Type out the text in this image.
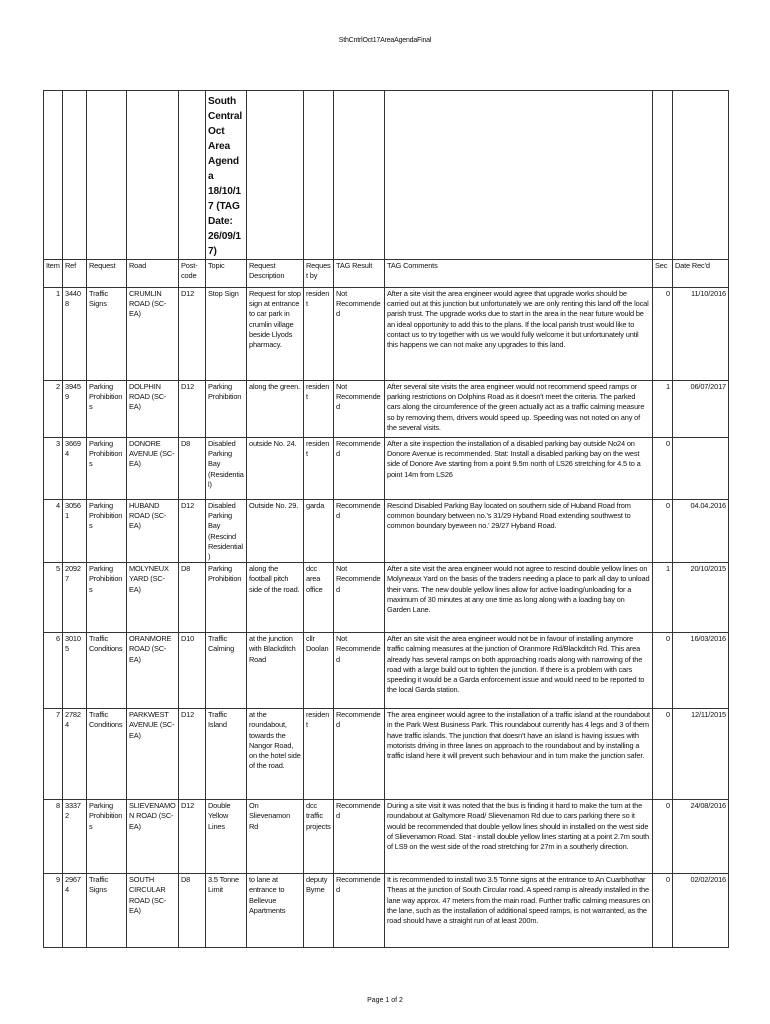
SthCntrlOct17AreaAgendaFinal
					South Central Oct Area Agenda 18/10/17 (TAG Date: 26/09/17)						
Item	Ref	Request	Road	Post-code	Topic	Request Description	Request by	TAG Result	TAG Comments	Sec	Date Rec'd
1	34408	Traffic Signs	CRUMLIN ROAD (SC-EA)	D12	Stop Sign	Request for stop sign at entrance to car park in crumlin village beside Llyods pharmacy.	resident	Not Recommended	After a site visit the area engineer would agree that upgrade works should be carried out at this junction but unfortunately we are only renting this land off the local parish trust. The upgrade works due to start in the area in the near future would be an ideal opportunity to add this to the plans. If the local parish trust would like to contact us to try together with us we would fully welcome it but unfortunately until this happens we can not make any upgrades to this land.	0	11/10/2016
2	39459	Parking Prohibitions	DOLPHIN ROAD (SC-EA)	D12	Parking Prohibition	along the green.	resident	Not Recommended	After several site visits the area engineer would not recommend speed ramps or parking restrictions on Dolphins Road as it doesn't meet the criteria. The parked cars along the circumference of the green actually act as a traffic calming measure so by removing them, drivers would speed up. Speeding was not noted on any of the several visits.	1	06/07/2017
3	36694	Parking Prohibitions	DONORE AVENUE (SC-EA)	D8	Disabled Parking Bay (Residential)	outside No. 24.	resident	Recommended	After a site inspection the installation of a disabled parking bay outside No24 on Donore Avenue is recommended. Stat: Install a disabled parking bay on the west side of Donore Ave starting from a point 9.5m north of LS26 stretching for 4.5 to a point 14m from LS26	0	
4	30561	Parking Prohibitions	HUBAND ROAD (SC-EA)	D12	Disabled Parking Bay (Rescind Residential)	Outside No. 29.	garda	Recommended	Rescind Disabled Parking Bay located on southern side of Huband Road from common boundary between no.'s 31/29 Hyband Road extending southwest to common boundary byeween no.' 29/27 Hyband Road.	0	04.04.2016
5	20927	Parking Prohibitions	MOLYNEUX YARD (SC-EA)	D8	Parking Prohibition	along the football pitch side of the road.	dcc area office	Not Recommended	After a site visit the area engineer would not agree to rescind double yellow lines on Molyneaux Yard on the basis of the traders needing a place to park all day to unload their vans. The new double yellow lines allow for active loading/unloading for a maximum of 30 minutes at any one time as long along with a loading bay on Garden Lane.	1	20/10/2015
6	30105	Traffic Conditions	ORANMORE ROAD (SC-EA)	D10	Traffic Calming	at the junction with Blackditch Road	cllr Doolan	Not Recommended	After an site visit the area engineer would not be in favour of installing anymore traffic calming measures at the junction of Oranmore Rd/Blackditch Rd. This area already has several ramps on both approaching roads along with narrowing of the road with a large build out to tighten the junction. If there is a problem with cars speeding it would be a Garda enforcement issue and would need to be reported to the local Garda station.	0	16/03/2016
7	27824	Traffic Conditions	PARKWEST AVENUE (SC-EA)	D12	Traffic Island	at the roundabout, towards the Nangor Road, on the hotel side of the road.	resident	Recommended	The area engineer would agree to the installation of a traffic island at the roundabout in the Park West Business Park. This roundabout currently has 4 legs and 3 of them have traffic islands. The junction that doesn't have an island is having issues with motorists driving in three lanes on approach to the roundabout and by installing a traffic island here it will prevent such behaviour and in turn make the junction safer.	0	12/11/2015
8	33372	Parking Prohibitions	SLIEVENAMON ROAD (SC-EA)	D12	Double Yellow Lines	On Slievenamon Rd	dcc traffic projects	Recommended	During a site visit it was noted that the bus is finding it hard to make the turn at the roundabout at Galtymore Road/ Slievenamon Rd due to cars parking there so it would be recommended that double yellow lines should in installed on the west side of Slievenamon Road. Stat - install double yellow lines starting at a point 2.7m south of LS9 on the west side of the road stretching for 27m in a southerly direction.	0	24/08/2016
9	29674	Traffic Signs	SOUTH CIRCULAR ROAD (SC-EA)	D8	3.5 Tonne Limit	to lane at entrance to Bellevue Apartments	deputy Byrne	Recommended	It is recommended to install two 3.5 Tonne signs at the entrance to An Cuarbhothar Theas at the junction of South Circular road. A speed ramp is already installed in the lane way approx. 47 meters from the main road. Further traffic calming measures on the lane, such as the installation of additional speed ramps, is not warranted, as the road should have a straight run of at least 200m.	0	02/02/2016
Page 1 of 2
